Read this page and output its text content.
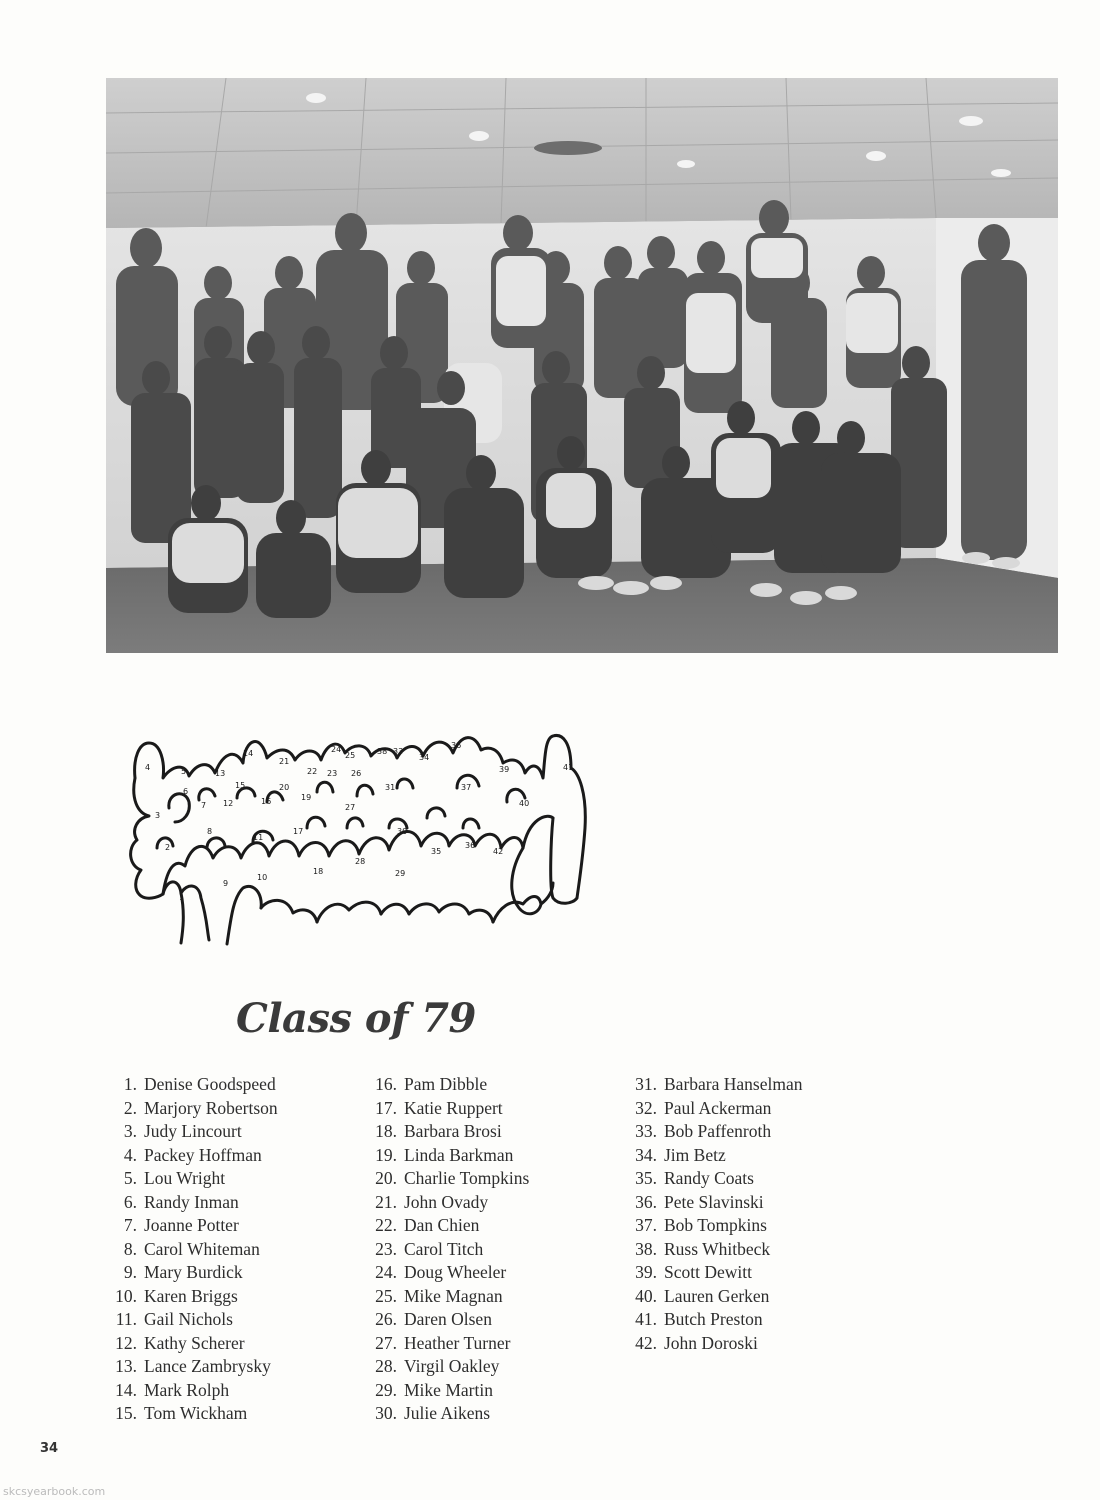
4	5	13
14
21
22
24
25
26
38 33
34
36
39	41
6
15
16
20
19
23
31	37
7 12	40
3
8	17
27
11
30
2	35
36
42
28
18	29
10
9
1
Class of 79
1. Denise Goodspeed
2. Marjory Robertson
3. Judy Lincourt
4. Packey Hoffman
5. Lou Wright
6. Randy Inman
7. Joanne Potter
8. Carol Whiteman
9. Mary Burdick
10. Karen Briggs
11. Gail Nichols
12. Kathy Scherer
13. Lance Zambrysky
14. Mark Rolph
15. Tom Wickham
16. Pam Dibble
17. Katie Ruppert
18. Barbara Brosi
19. Linda Barkman
20. Charlie Tompkins
21. John Ovady
22. Dan Chien
23. Carol Titch
24. Doug Wheeler
25. Mike Magnan
26. Daren Olsen
27. Heather Turner
28. Virgil Oakley
29. Mike Martin
30. Julie Aikens
31. Barbara Hanselman
32. Paul Ackerman
33. Bob Paffenroth
34. Jim Betz
35. Randy Coats
36. Pete Slavinski
37. Bob Tompkins
38. Russ Whitbeck
39. Scott Dewitt
40. Lauren Gerken
41. Butch Preston
42. John Doroski
34
skcsyearbook.com
